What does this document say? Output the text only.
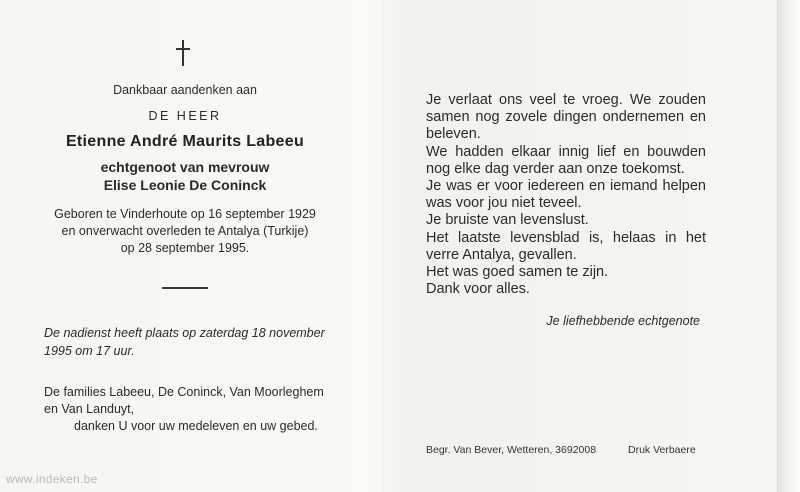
Dankbaar aandenken aan

DE HEER

Etienne André Maurits Labeeu

echtgenoot van mevrouw

Elise Leonie De Coninck

Geboren te Vinderhoute op 16 september 1929

en onverwacht overleden te Antalya (Turkije)

op 28 september 1995.

De nadienst heeft plaats op zaterdag 18 november

1995 om 17 uur.

De families Labeeu, De Coninck, Van Moorleghem

en Van Landuyt,

danken U voor uw medeleven en uw gebed.

Je verlaat ons veel te vroeg. We zouden samen nog zovele dingen ondernemen en beleven.

We hadden elkaar innig lief en bouwden nog elke dag verder aan onze toekomst.

Je was er voor iedereen en iemand helpen was voor jou niet teveel.

Je bruiste van levenslust.

Het laatste levensblad is, helaas in het verre Antalya, gevallen.

Het was goed samen te zijn.

Dank voor alles.

Je liefhebbende echtgenote

Begr. Van Bever, Wetteren, 3692008	Druk Verbaere

www.indeken.be
